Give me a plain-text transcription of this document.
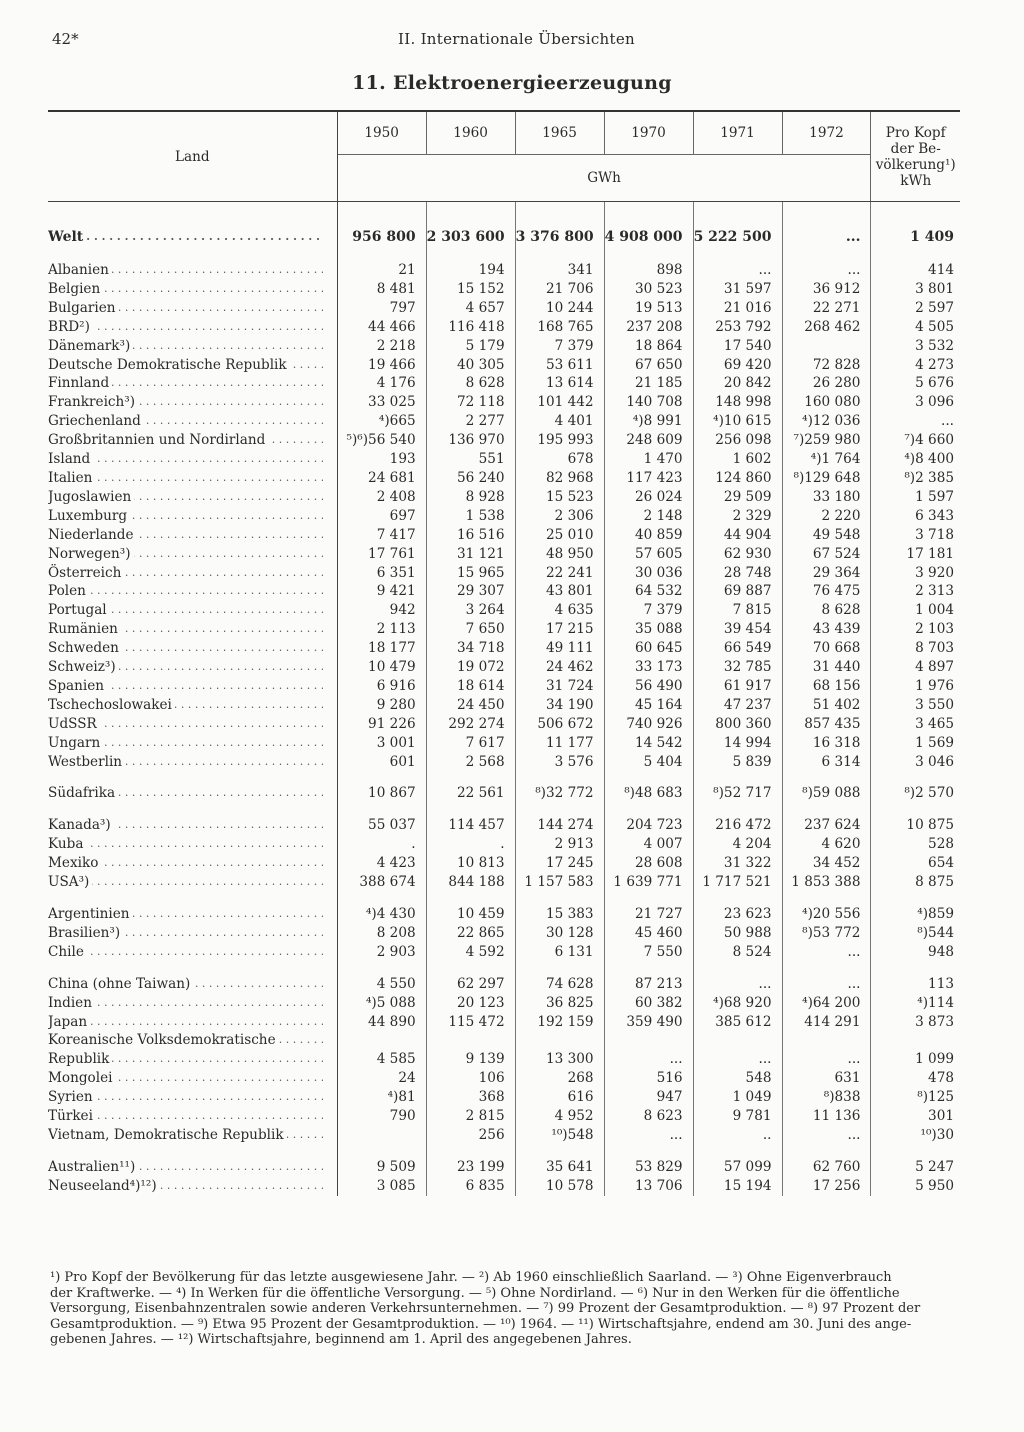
42*	II. Internationale Übersichten
11. Elektroenergieerzeugung
Land	1950	1960	1965	1970	1971	1972	Pro Kopf
der Be-
völkerung¹)
kWh

	GWh						

Welt . . .	956 800	2 303 600	3 376 800	4 908 000	5 222 500	...	1 409

Albanien . . .	21	194	341	898	...	...	414

Belgien . . .	8 481	15 152	21 706	30 523	31 597	36 912	3 801

Bulgarien . . .	797	4 657	10 244	19 513	21 016	22 271	2 597

BRD²) . . .	44 466	116 418	168 765	237 208	253 792	268 462	4 505

Dänemark³) . . .	2 218	5 179	7 379	18 864	17 540		3 532

Deutsche Demokratische Republik . . .	19 466	40 305	53 611	67 650	69 420	72 828	4 273

Finnland . . .	4 176	8 628	13 614	21 185	20 842	26 280	5 676

Frankreich³) . . .	33 025	72 118	101 442	140 708	148 998	160 080	3 096

Griechenland . . .	⁴)665	2 277	4 401	⁴)8 991	⁴)10 615	⁴)12 036	...

Großbritannien und Nordirland . . .	⁵)⁶)56 540	136 970	195 993	248 609	256 098	⁷)259 980	⁷)4 660

Island . . .	193	551	678	1 470	1 602	⁴)1 764	⁴)8 400

Italien . . .	24 681	56 240	82 968	117 423	124 860	⁸)129 648	⁸)2 385

Jugoslawien . . .	2 408	8 928	15 523	26 024	29 509	33 180	1 597

Luxemburg . . .	697	1 538	2 306	2 148	2 329	2 220	6 343

Niederlande . . .	7 417	16 516	25 010	40 859	44 904	49 548	3 718

Norwegen³) . . .	17 761	31 121	48 950	57 605	62 930	67 524	17 181

Österreich . . .	6 351	15 965	22 241	30 036	28 748	29 364	3 920

Polen . . .	9 421	29 307	43 801	64 532	69 887	76 475	2 313

Portugal . . .	942	3 264	4 635	7 379	7 815	8 628	1 004

Rumänien . . .	2 113	7 650	17 215	35 088	39 454	43 439	2 103

Schweden . . .	18 177	34 718	49 111	60 645	66 549	70 668	8 703

Schweiz³) . . .	10 479	19 072	24 462	33 173	32 785	31 440	4 897

Spanien . . .	6 916	18 614	31 724	56 490	61 917	68 156	1 976

Tschechoslowakei . . .	9 280	24 450	34 190	45 164	47 237	51 402	3 550

UdSSR . . .	91 226	292 274	506 672	740 926	800 360	857 435	3 465

Ungarn . . .	3 001	7 617	11 177	14 542	14 994	16 318	1 569

Westberlin . . .	601	2 568	3 576	5 404	5 839	6 314	3 046

Südafrika . . .	10 867	22 561	⁸)32 772	⁸)48 683	⁸)52 717	⁸)59 088	⁸)2 570

Kanada³) . . .	55 037	114 457	144 274	204 723	216 472	237 624	10 875

Kuba . . .	.	.	2 913	4 007	4 204	4 620	528

Mexiko . . .	4 423	10 813	17 245	28 608	31 322	34 452	654

USA³) . . .	388 674	844 188	1 157 583	1 639 771	1 717 521	1 853 388	8 875

Argentinien . . .	⁴)4 430	10 459	15 383	21 727	23 623	⁴)20 556	⁴)859

Brasilien³) . . .	8 208	22 865	30 128	45 460	50 988	⁸)53 772	⁸)544

Chile . . .	2 903	4 592	6 131	7 550	8 524	...	948

China (ohne Taiwan) . . .	4 550	62 297	74 628	87 213	...	...	113

Indien . . .	⁴)5 088	20 123	36 825	60 382	⁴)68 920	⁴)64 200	⁴)114

Japan . . .	44 890	115 472	192 159	359 490	385 612	414 291	3 873

Koreanische Volksdemokratische . . .

Republik . . .	4 585	9 139	13 300	...	...	...	1 099

Mongolei . . .	24	106	268	516	548	631	478

Syrien . . .	⁴)81	368	616	947	1 049	⁸)838	⁸)125

Türkei . . .	790	2 815	4 952	8 623	9 781	11 136	301

Vietnam, Demokratische Republik . . .		256	¹⁰)548	...	..	...	¹⁰)30

Australien¹¹) . . .	9 509	23 199	35 641	53 829	57 099	62 760	5 247

Neuseeland⁴)¹²) . . .	3 085	6 835	10 578	13 706	15 194	17 256	5 950
¹) Pro Kopf der Bevölkerung für das letzte ausgewiesene Jahr. — ²) Ab 1960 einschließlich Saarland. — ³) Ohne Eigenverbrauch
der Kraftwerke. — ⁴) In Werken für die öffentliche Versorgung. — ⁵) Ohne Nordirland. — ⁶) Nur in den Werken für die öffentliche
Versorgung, Eisenbahnzentralen sowie anderen Verkehrsunternehmen. — ⁷) 99 Prozent der Gesamtproduktion. — ⁸) 97 Prozent der
Gesamtproduktion. — ⁹) Etwa 95 Prozent der Gesamtproduktion. — ¹⁰) 1964. — ¹¹) Wirtschaftsjahre, endend am 30. Juni des ange-
gebenen Jahres. — ¹²) Wirtschaftsjahre, beginnend am 1. April des angegebenen Jahres.
